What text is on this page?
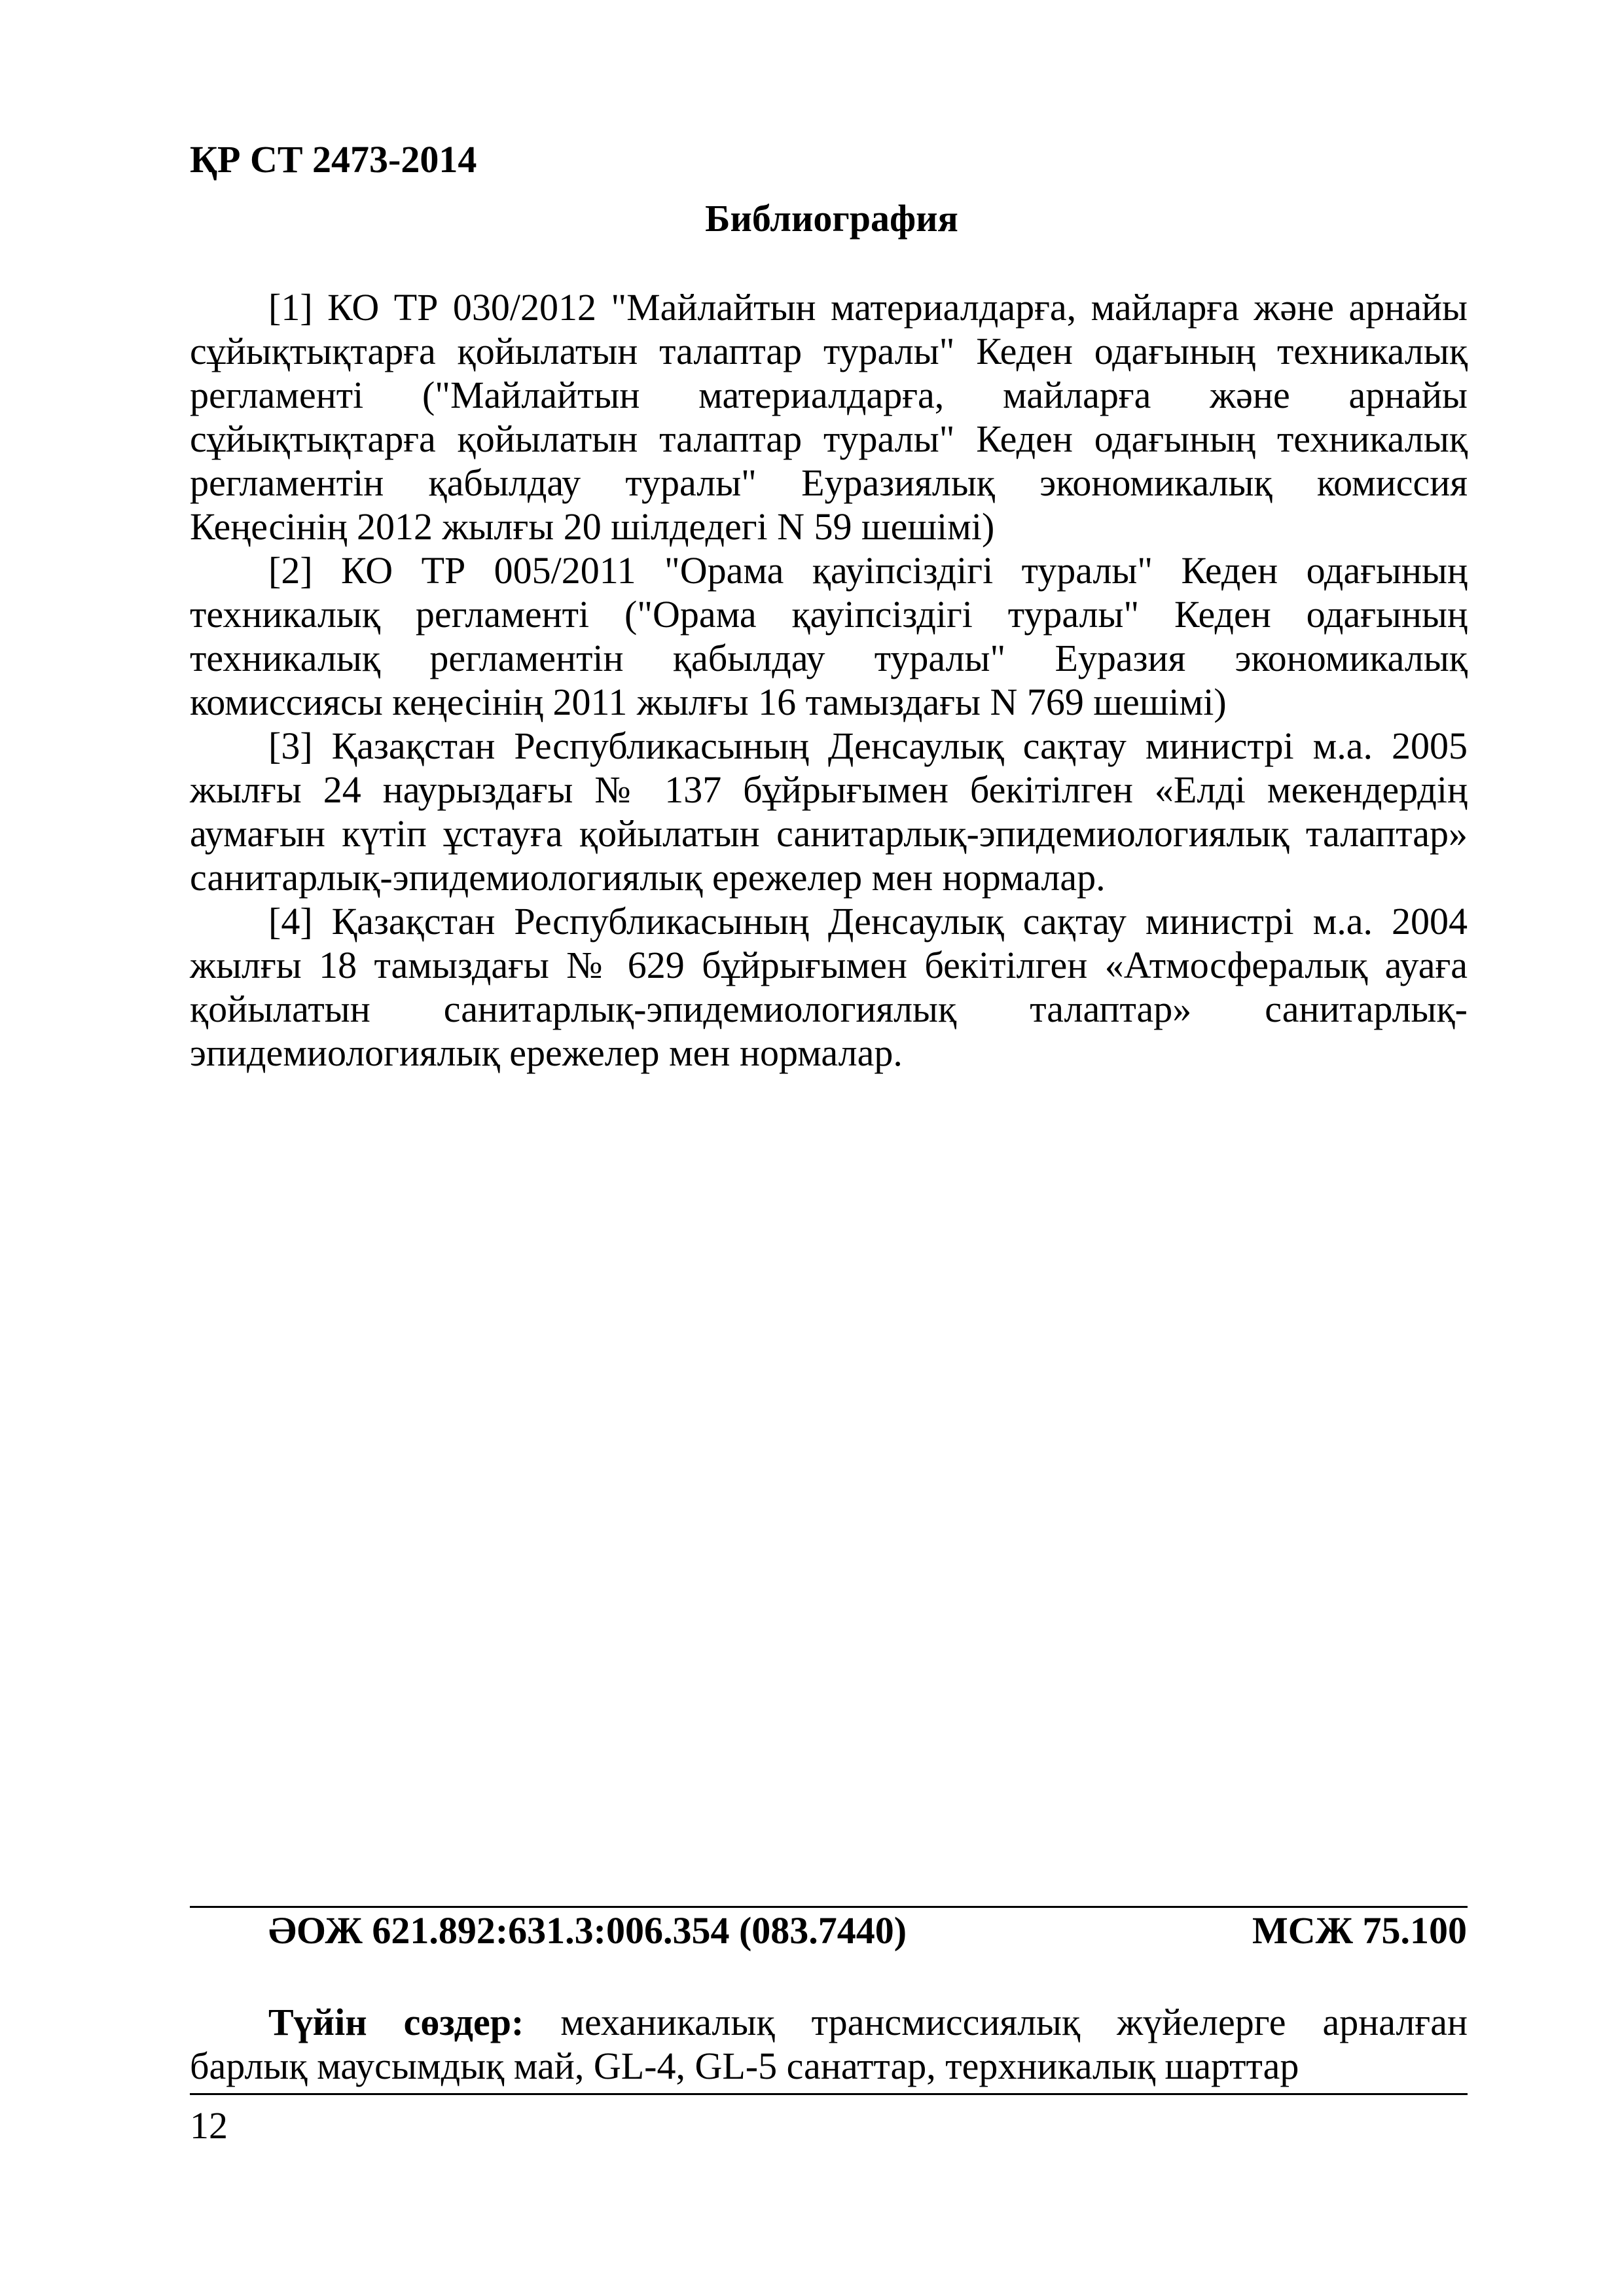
ҚР СТ 2473-2014
Библиография
[1] КО ТР 030/2012 "Майлайтын материалдарға, майларға және арнайы
сұйықтықтарға қойылатын талаптар туралы" Кеден одағының техникалық
регламенті ("Майлайтын материалдарға, майларға және арнайы
сұйықтықтарға қойылатын талаптар туралы" Кеден одағының техникалық
регламентін қабылдау туралы" Еуразиялық экономикалық комиссия
Кеңесінің 2012 жылғы 20 шілдедегі N 59 шешімі)
[2] КО ТР 005/2011 "Орама қауіпсіздігі туралы" Кеден одағының
техникалық регламенті ("Орама қауіпсіздігі туралы" Кеден одағының
техникалық регламентін қабылдау туралы" Еуразия экономикалық
комиссиясы кеңесінің 2011 жылғы 16 тамыздағы N 769 шешімі)
[3] Қазақстан Республикасының Денсаулық сақтау министрі м.а. 2005
жылғы 24 наурыздағы № 137 бұйрығымен бекітілген «Елді мекендердің
аумағын күтіп ұстауға қойылатын санитарлық-эпидемиологиялық талаптар»
санитарлық-эпидемиологиялық ережелер мен нормалар.
[4] Қазақстан Республикасының Денсаулық сақтау министрі м.а. 2004
жылғы 18 тамыздағы № 629 бұйрығымен бекітілген «Атмосфералық ауаға
қойылатын санитарлық-эпидемиологиялық талаптар» санитарлық-
эпидемиологиялық ережелер мен нормалар.
ӘОЖ 621.892:631.3:006.354 (083.7440)	МСЖ 75.100
Түйін сөздер: механикалық трансмиссиялық жүйелерге арналған
барлық маусымдық май, GL-4, GL-5 санаттар, терхникалық шарттар
12
